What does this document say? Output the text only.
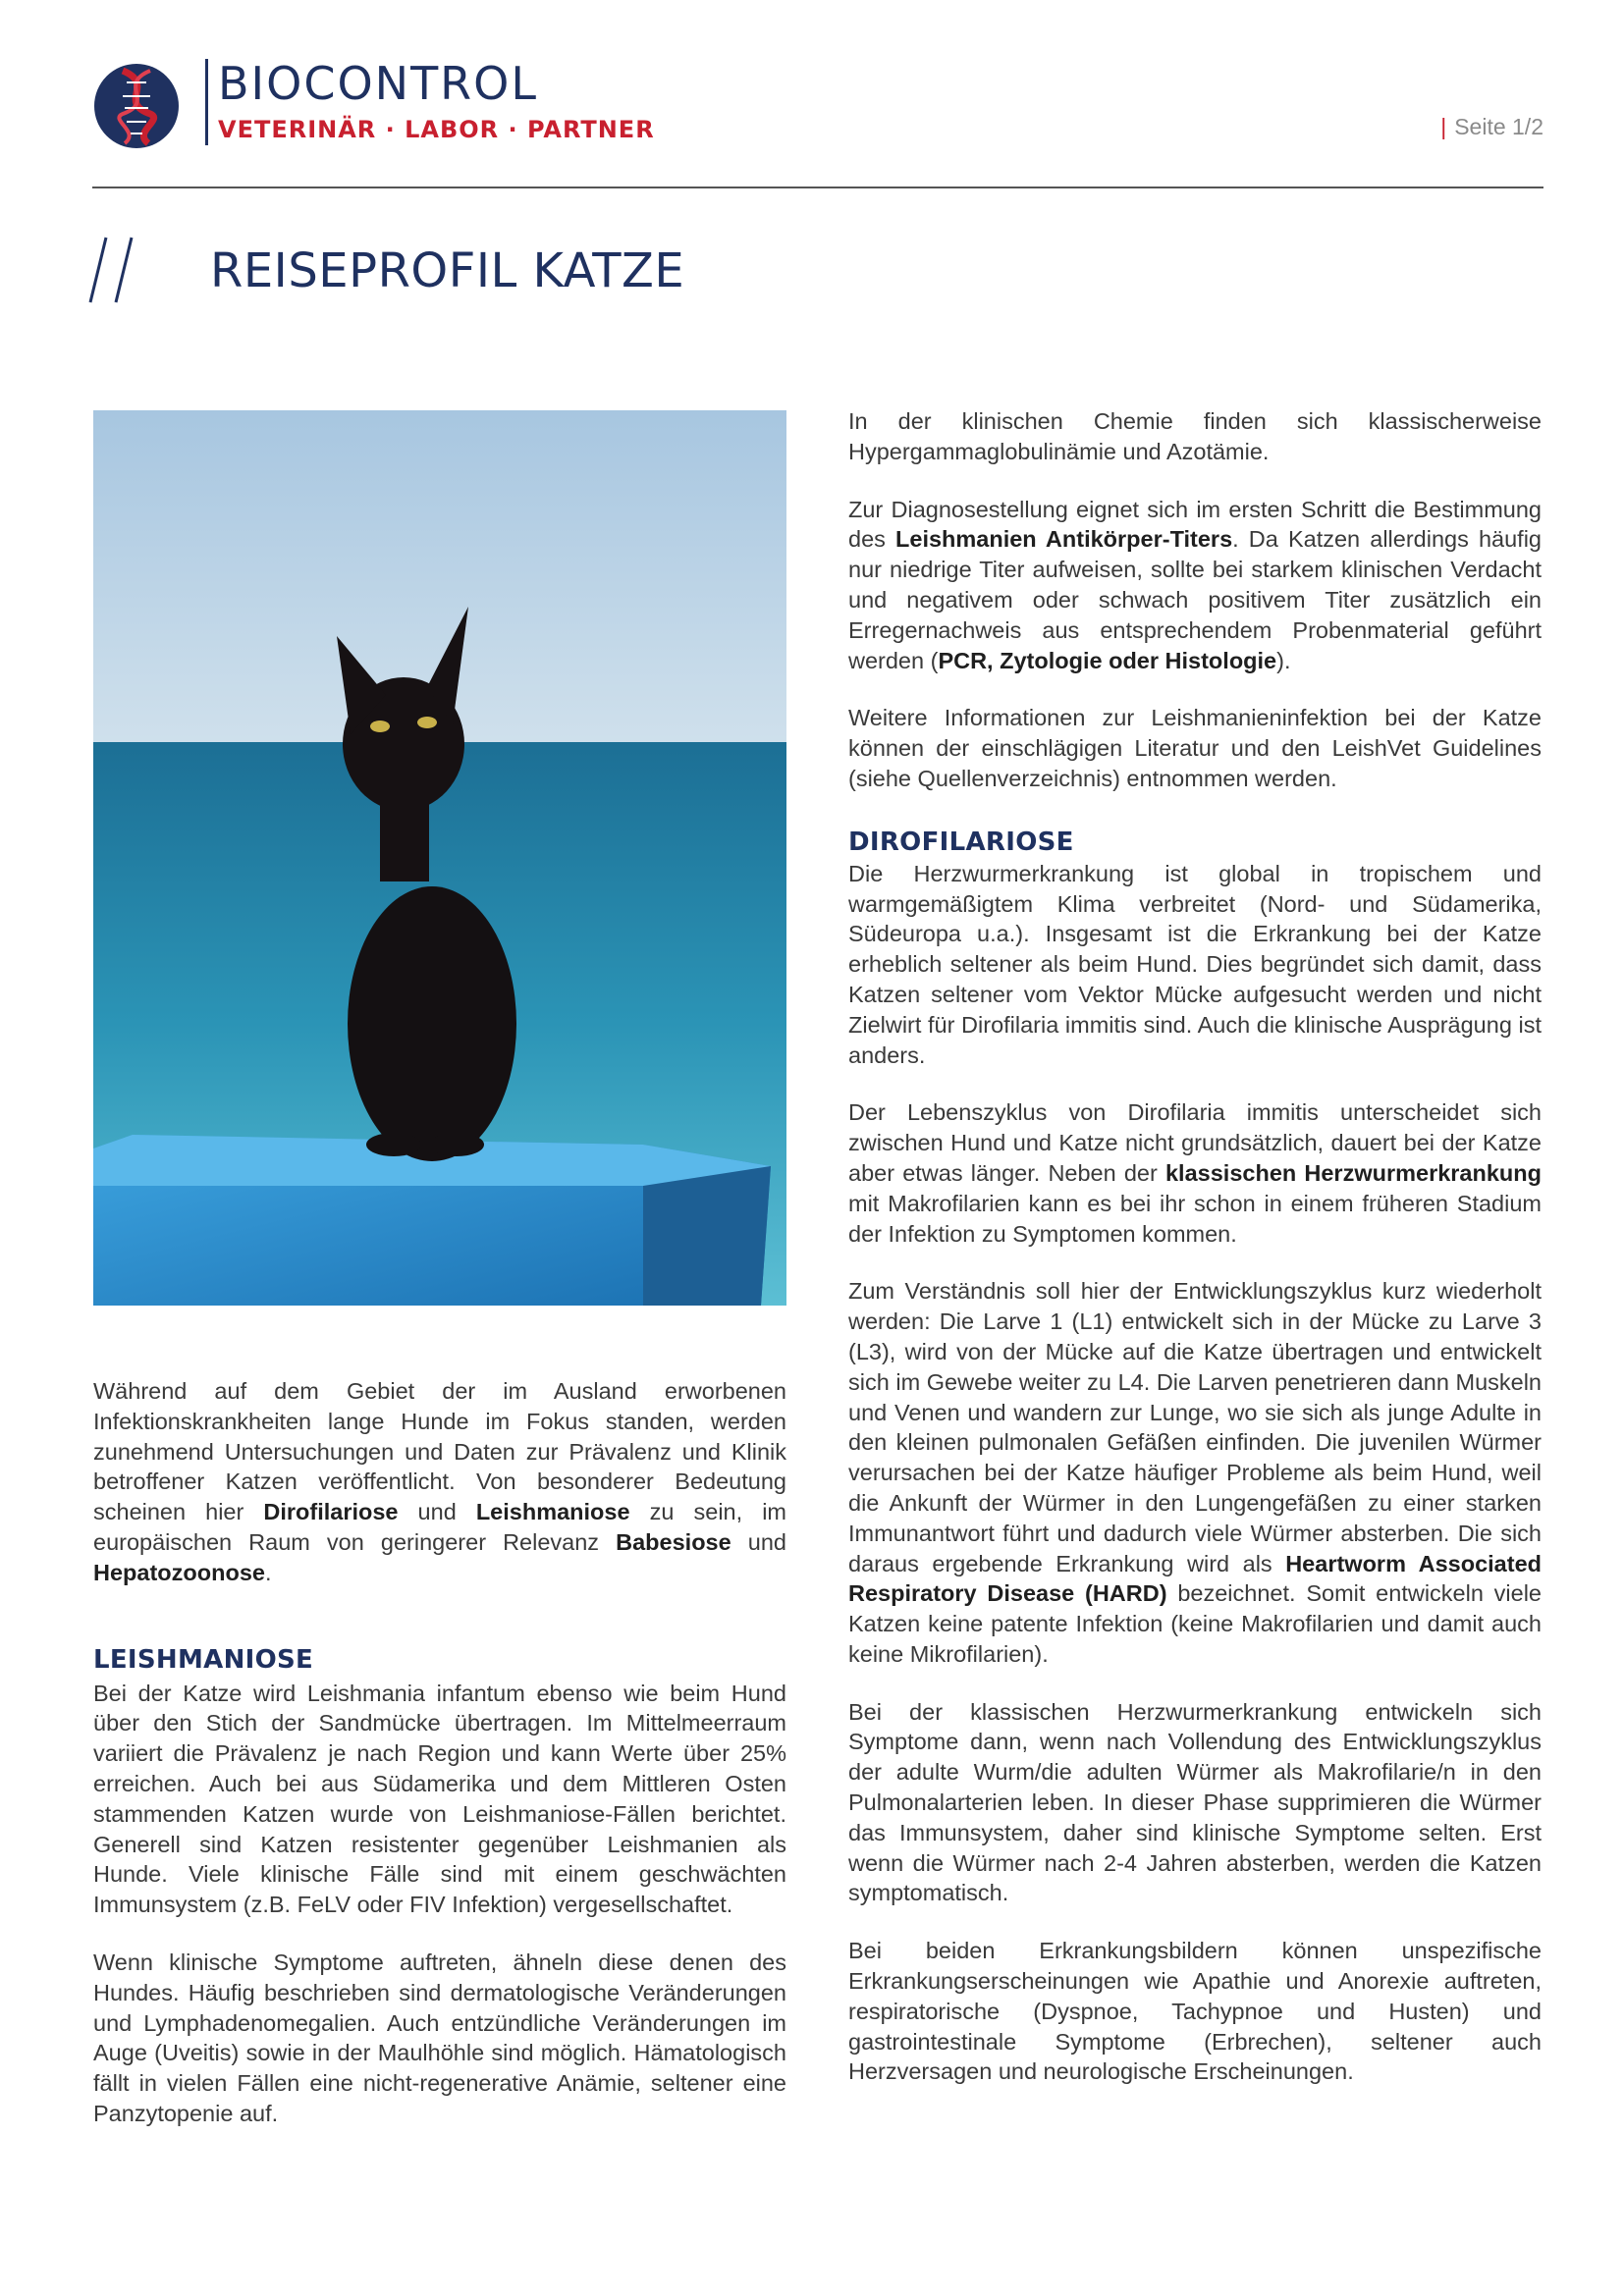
BIOCONTROL
VETERINÄR · LABOR · PARTNER	| Seite 1/2
REISEPROFIL KATZE

Während auf dem Gebiet der im Ausland erworbenen Infektionskrankheiten lange Hunde im Fokus standen, werden zunehmend Untersuchungen und Daten zur Prävalenz und Klinik betroffener Katzen veröffentlicht. Von besonderer Bedeutung scheinen hier Dirofilariose und Leishmaniose zu sein, im europäischen Raum von geringerer Relevanz Babesiose und Hepatozoonose.

LEISHMANIOSE

Bei der Katze wird Leishmania infantum ebenso wie beim Hund über den Stich der Sandmücke übertragen. Im Mittelmeerraum variiert die Prävalenz je nach Region und kann Werte über 25% erreichen. Auch bei aus Südamerika und dem Mittleren Osten stammenden Katzen wurde von Leishmaniose-Fällen berichtet. Generell sind Katzen resistenter gegenüber Leishmanien als Hunde. Viele klinische Fälle sind mit einem geschwächten Immunsystem (z.B. FeLV oder FIV Infektion) vergesellschaftet.

Wenn klinische Symptome auftreten, ähneln diese denen des Hundes. Häufig beschrieben sind dermatologische Veränderungen und Lymphadenomegalien. Auch entzündliche Veränderungen im Auge (Uveitis) sowie in der Maulhöhle sind möglich. Hämatologisch fällt in vielen Fällen eine nicht-regenerative Anämie, seltener eine Panzytopenie auf.

In der klinischen Chemie finden sich klassischerweise Hypergammaglobulinämie und Azotämie.

Zur Diagnosestellung eignet sich im ersten Schritt die Bestimmung des Leishmanien Antikörper-Titers. Da Katzen allerdings häufig nur niedrige Titer aufweisen, sollte bei starkem klinischen Verdacht und negativem oder schwach positivem Titer zusätzlich ein Erregernachweis aus entsprechendem Probenmaterial geführt werden (PCR, Zytologie oder Histologie).

Weitere Informationen zur Leishmanieninfektion bei der Katze können der einschlägigen Literatur und den LeishVet Guidelines (siehe Quellenverzeichnis) entnommen werden.

DIROFILARIOSE

Die Herzwurmerkrankung ist global in tropischem und warmgemäßigtem Klima verbreitet (Nord- und Südamerika, Südeuropa u.a.). Insgesamt ist die Erkrankung bei der Katze erheblich seltener als beim Hund. Dies begründet sich damit, dass Katzen seltener vom Vektor Mücke aufgesucht werden und nicht Zielwirt für Dirofilaria immitis sind. Auch die klinische Ausprägung ist anders.

Der Lebenszyklus von Dirofilaria immitis unterscheidet sich zwischen Hund und Katze nicht grundsätzlich, dauert bei der Katze aber etwas länger. Neben der klassischen Herzwurmerkrankung mit Makrofilarien kann es bei ihr schon in einem früheren Stadium der Infektion zu Symptomen kommen.

Zum Verständnis soll hier der Entwicklungszyklus kurz wiederholt werden: Die Larve 1 (L1) entwickelt sich in der Mücke zu Larve 3 (L3), wird von der Mücke auf die Katze übertragen und entwickelt sich im Gewebe weiter zu L4. Die Larven penetrieren dann Muskeln und Venen und wandern zur Lunge, wo sie sich als junge Adulte in den kleinen pulmonalen Gefäßen einfinden. Die juvenilen Würmer verursachen bei der Katze häufiger Probleme als beim Hund, weil die Ankunft der Würmer in den Lungengefäßen zu einer starken Immunantwort führt und dadurch viele Würmer absterben. Die sich daraus ergebende Erkrankung wird als Heartworm Associated Respiratory Disease (HARD) bezeichnet. Somit entwickeln viele Katzen keine patente Infektion (keine Makrofilarien und damit auch keine Mikrofilarien).

Bei der klassischen Herzwurmerkrankung entwickeln sich Symptome dann, wenn nach Vollendung des Entwicklungszyklus der adulte Wurm/die adulten Würmer als Makrofilarie/n in den Pulmonalarterien leben. In dieser Phase supprimieren die Würmer das Immunsystem, daher sind klinische Symptome selten. Erst wenn die Würmer nach 2-4 Jahren absterben, werden die Katzen symptomatisch.

Bei beiden Erkrankungsbildern können unspezifische Erkrankungserscheinungen wie Apathie und Anorexie auftreten, respiratorische (Dyspnoe, Tachypnoe und Husten) und gastrointestinale Symptome (Erbrechen), seltener auch Herzversagen und neurologische Erscheinungen.
